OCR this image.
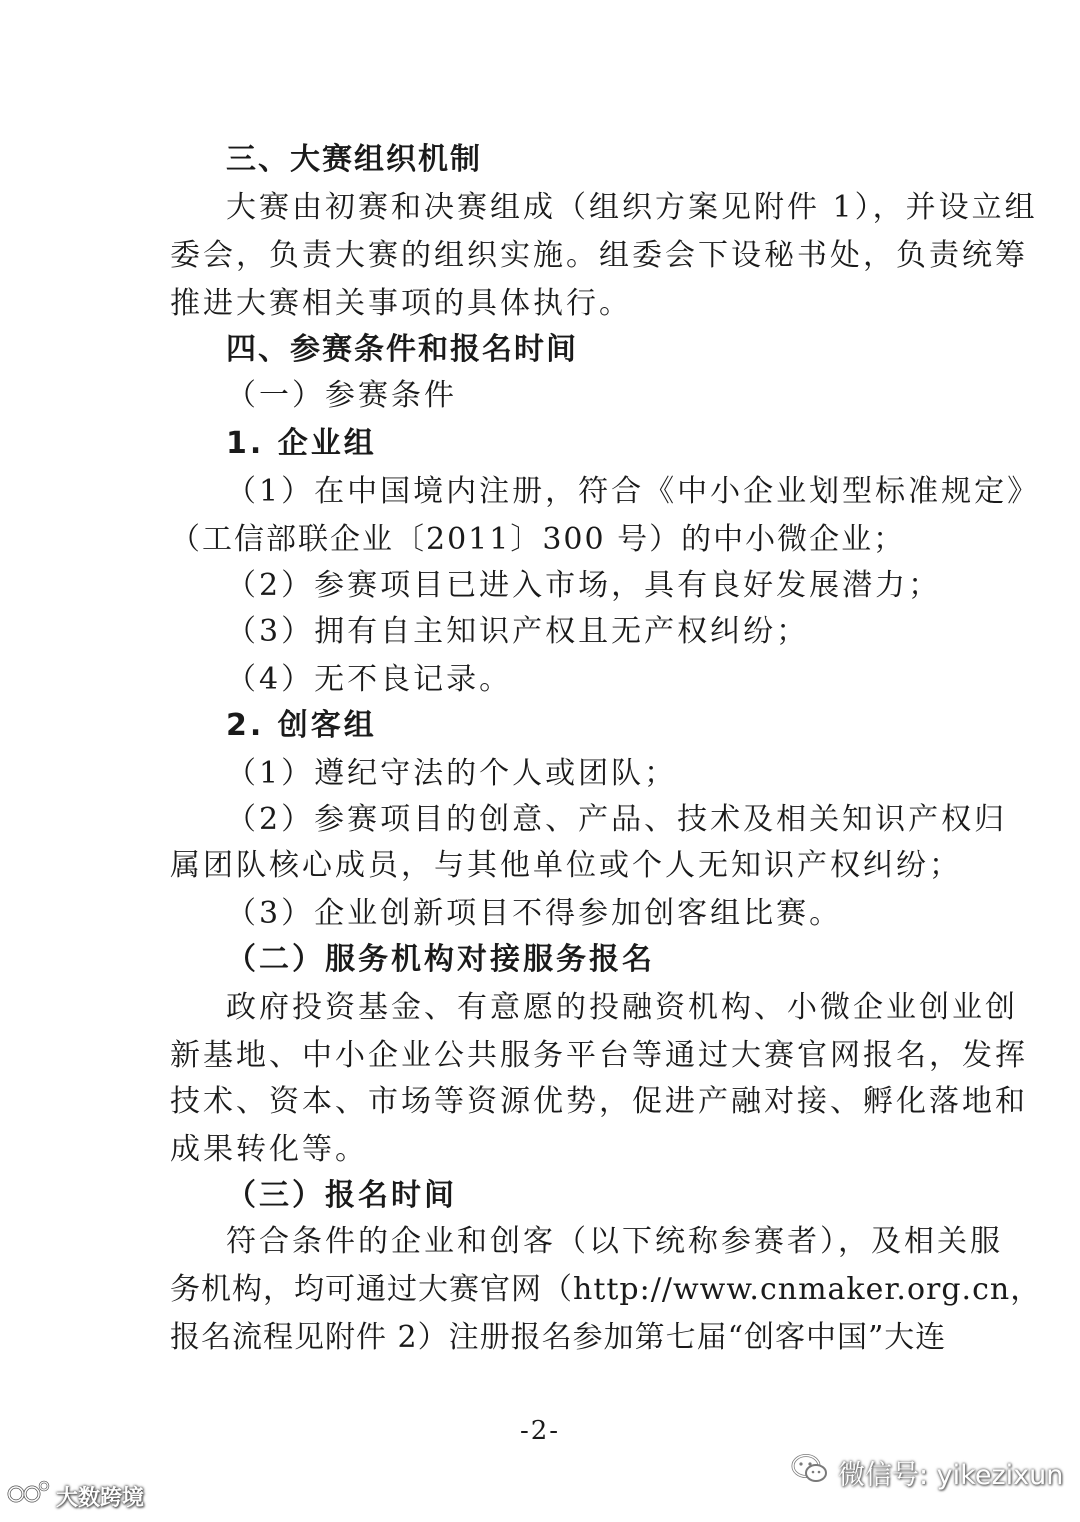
三、大赛组织机制
大赛由初赛和决赛组成（组织方案见附件 1），并设立组
委会，负责大赛的组织实施。组委会下设秘书处，负责统筹
推进大赛相关事项的具体执行。
四、参赛条件和报名时间
（一）参赛条件
1. 企业组
（1）在中国境内注册，符合《中小企业划型标准规定》
（工信部联企业〔2011〕300 号）的中小微企业；
（2）参赛项目已进入市场，具有良好发展潜力；
（3）拥有自主知识产权且无产权纠纷；
（4）无不良记录。
2. 创客组
（1）遵纪守法的个人或团队；
（2）参赛项目的创意、产品、技术及相关知识产权归
属团队核心成员，与其他单位或个人无知识产权纠纷；
（3）企业创新项目不得参加创客组比赛。
（二）服务机构对接服务报名
政府投资基金、有意愿的投融资机构、小微企业创业创
新基地、中小企业公共服务平台等通过大赛官网报名，发挥
技术、资本、市场等资源优势，促进产融对接、孵化落地和
成果转化等。
（三）报名时间
符合条件的企业和创客（以下统称参赛者），及相关服
务机构，均可通过大赛官网（http://www.cnmaker.org.cn，
报名流程见附件 2）注册报名参加第七届“创客中国”大连
-2-
微信号: yikezixun
大数跨境
